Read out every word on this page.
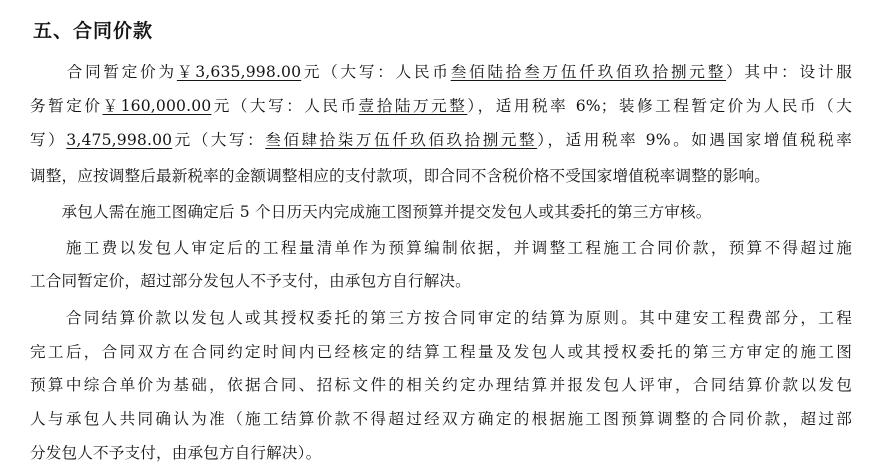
五、合同价款
　　合同暂定价为￥3,635,998.00元（大写：人民币叁佰陆拾叁万伍仟玖佰玖拾捌元整）其中：设计服
务暂定价￥160,000.00元（大写：人民币壹拾陆万元整），适用税率 6%；装修工程暂定价为人民币（大
写）3,475,998.00元（大写：叁佰肆拾柒万伍仟玖佰玖拾捌元整），适用税率 9%。如遇国家增值税税率
调整，应按调整后最新税率的金额调整相应的支付款项，即合同不含税价格不受国家增值税率调整的影响。
　　承包人需在施工图确定后 5 个日历天内完成施工图预算并提交发包人或其委托的第三方审核。
　　施工费以发包人审定后的工程量清单作为预算编制依据，并调整工程施工合同价款，预算不得超过施
工合同暂定价，超过部分发包人不予支付，由承包方自行解决。
　　合同结算价款以发包人或其授权委托的第三方按合同审定的结算为原则。其中建安工程费部分，工程
完工后，合同双方在合同约定时间内已经核定的结算工程量及发包人或其授权委托的第三方审定的施工图
预算中综合单价为基础，依据合同、招标文件的相关约定办理结算并报发包人评审，合同结算价款以发包
人与承包人共同确认为准（施工结算价款不得超过经双方确定的根据施工图预算调整的合同价款，超过部
分发包人不予支付，由承包方自行解决）。
